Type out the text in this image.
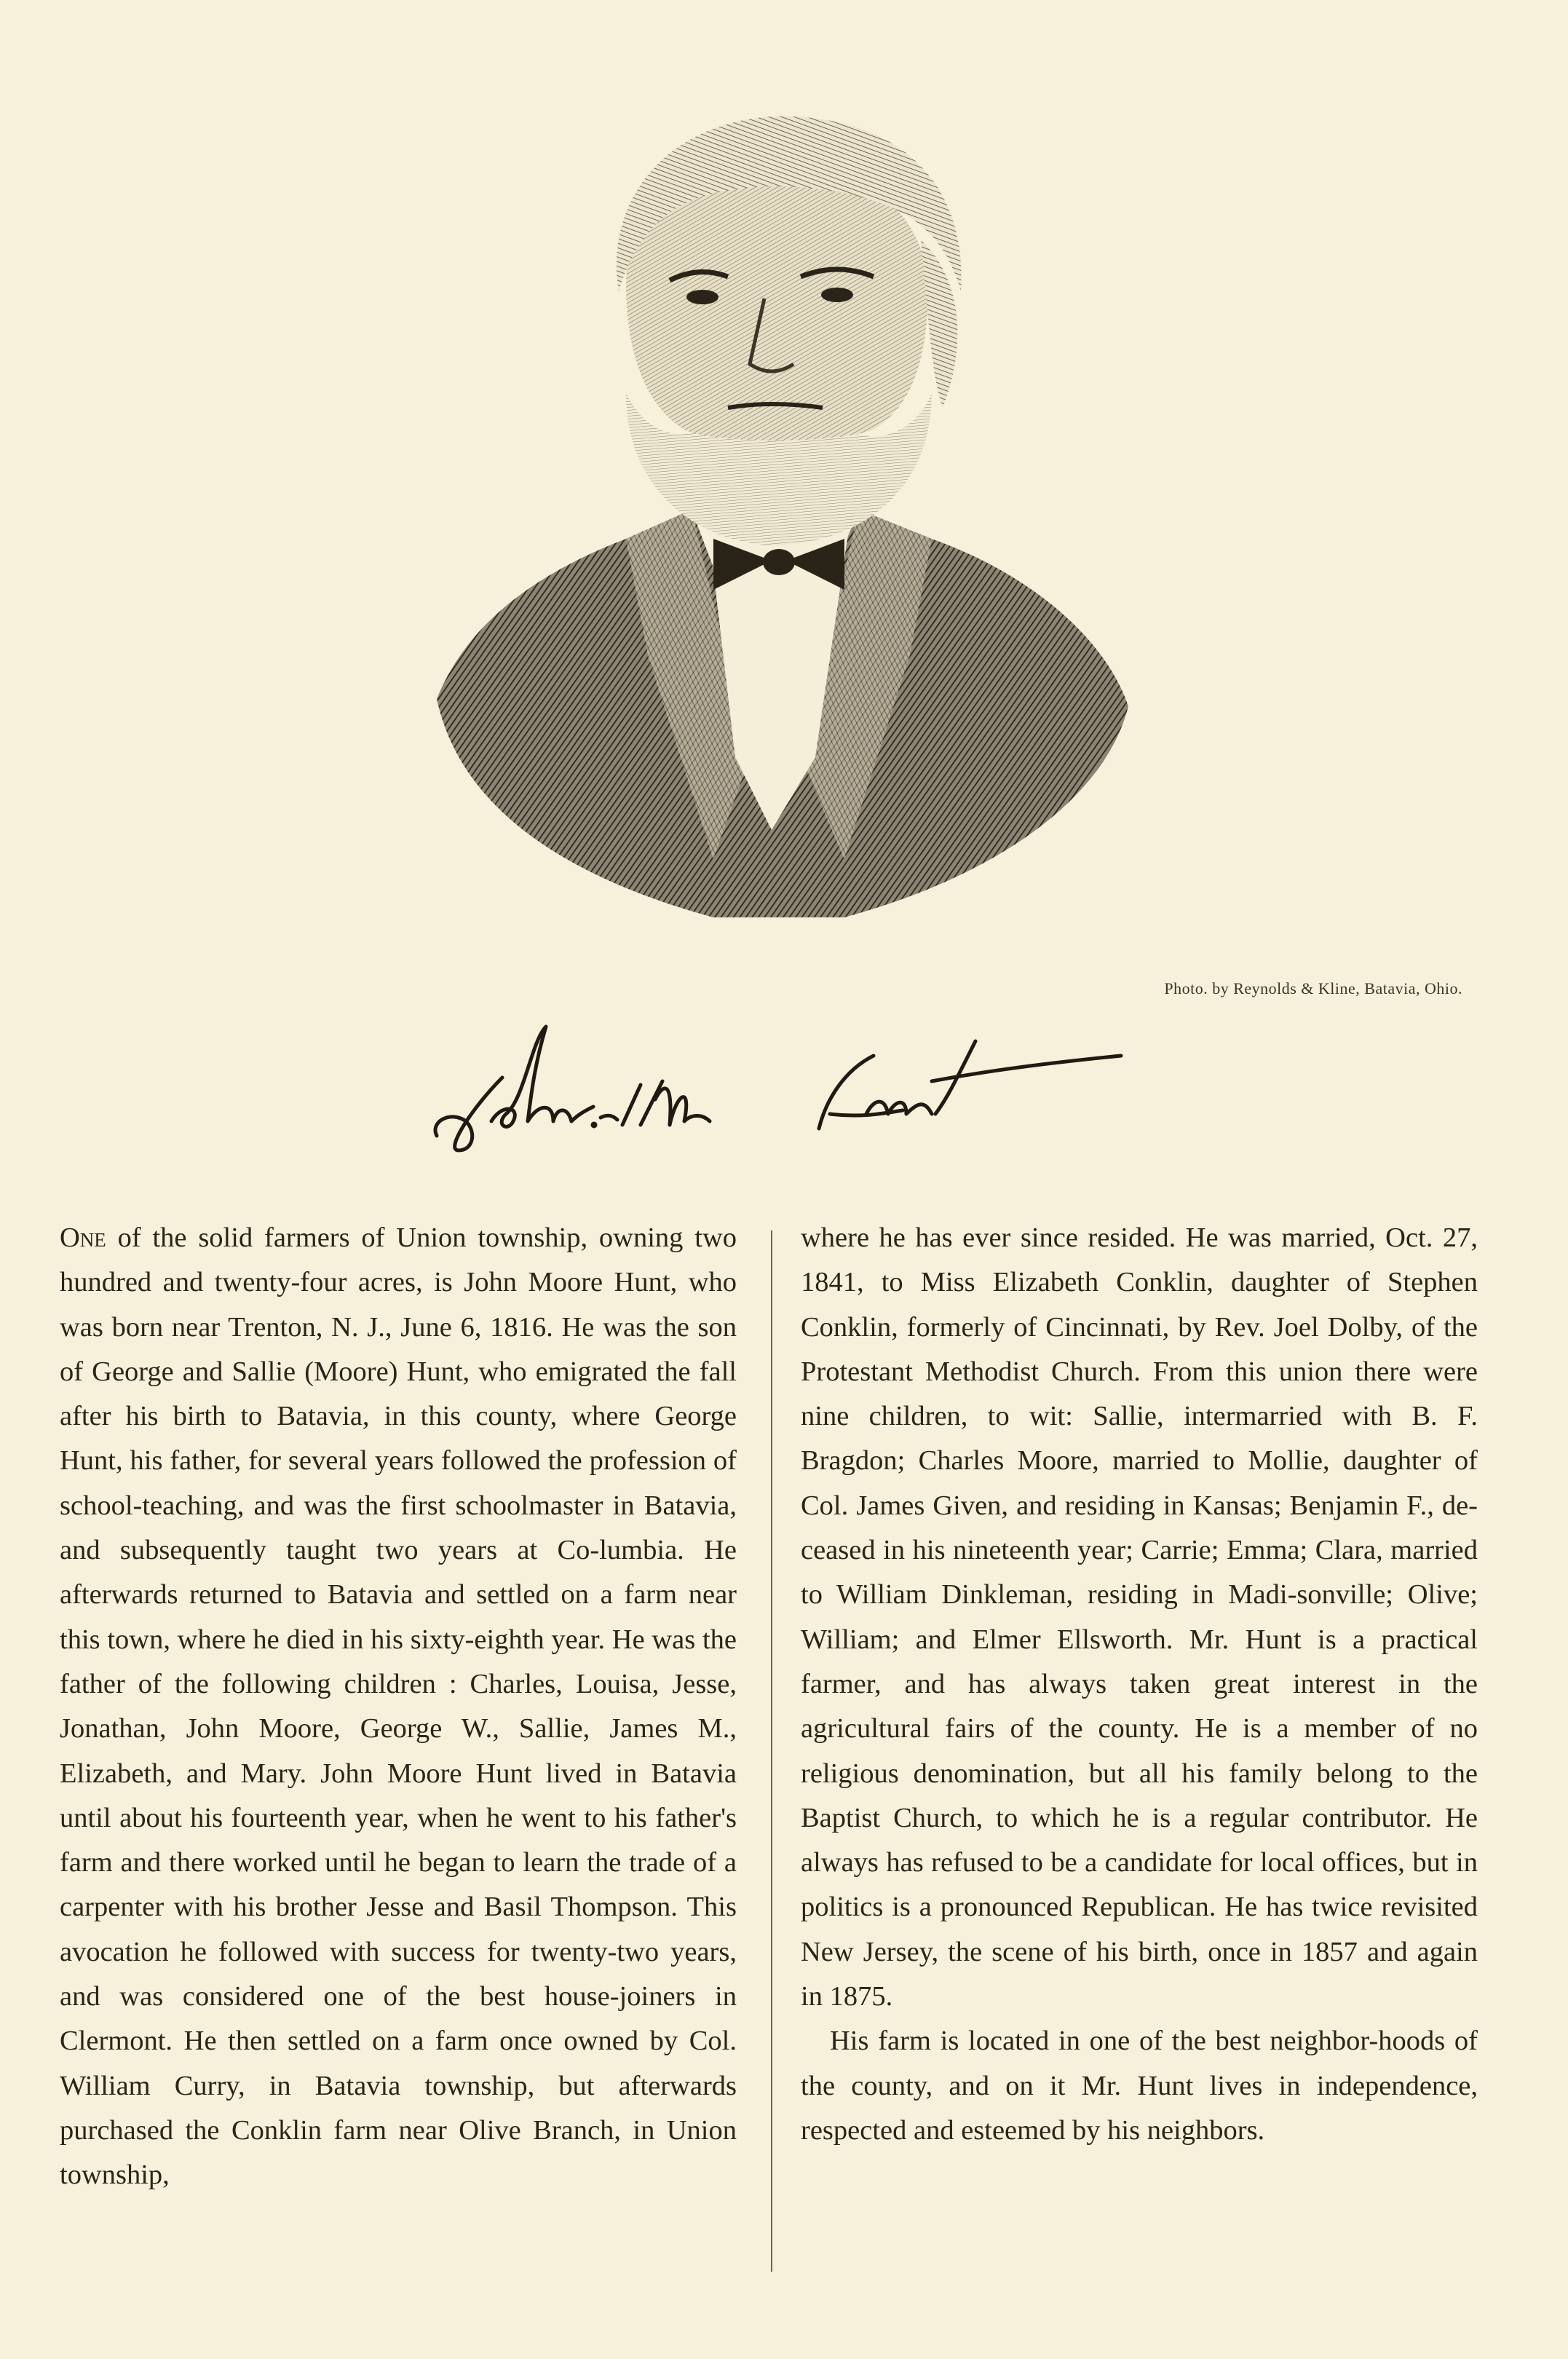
Photo. by Reynolds & Kline, Batavia, Ohio.

One of the solid farmers of Union township, owning two hundred and twenty-four acres, is John Moore Hunt, who was born near Trenton, N. J., June 6, 1816. He was the son of George and Sallie (Moore) Hunt, who emigrated the fall after his birth to Batavia, in this county, where George Hunt, his father, for several years followed the profession of school-teaching, and was the first schoolmaster in Batavia, and subsequently taught two years at Co-lumbia. He afterwards returned to Batavia and settled on a farm near this town, where he died in his sixty-eighth year. He was the father of the following children : Charles, Louisa, Jesse, Jonathan, John Moore, George W., Sallie, James M., Elizabeth, and Mary. John Moore Hunt lived in Batavia until about his fourteenth year, when he went to his father's farm and there worked until he began to learn the trade of a carpenter with his brother Jesse and Basil Thompson. This avocation he followed with success for twenty-two years, and was considered one of the best house-joiners in Clermont. He then settled on a farm once owned by Col. William Curry, in Batavia township, but afterwards purchased the Conklin farm near Olive Branch, in Union township,

where he has ever since resided. He was married, Oct. 27, 1841, to Miss Elizabeth Conklin, daughter of Stephen Conklin, formerly of Cincinnati, by Rev. Joel Dolby, of the Protestant Methodist Church. From this union there were nine children, to wit: Sallie, intermarried with B. F. Bragdon; Charles Moore, married to Mollie, daughter of Col. James Given, and residing in Kansas; Benjamin F., de-ceased in his nineteenth year; Carrie; Emma; Clara, married to William Dinkleman, residing in Madi-sonville; Olive; William; and Elmer Ellsworth. Mr. Hunt is a practical farmer, and has always taken great interest in the agricultural fairs of the county. He is a member of no religious denomination, but all his family belong to the Baptist Church, to which he is a regular contributor. He always has refused to be a candidate for local offices, but in politics is a pronounced Republican. He has twice revisited New Jersey, the scene of his birth, once in 1857 and again in 1875.

His farm is located in one of the best neighbor-hoods of the county, and on it Mr. Hunt lives in independence, respected and esteemed by his neighbors.
